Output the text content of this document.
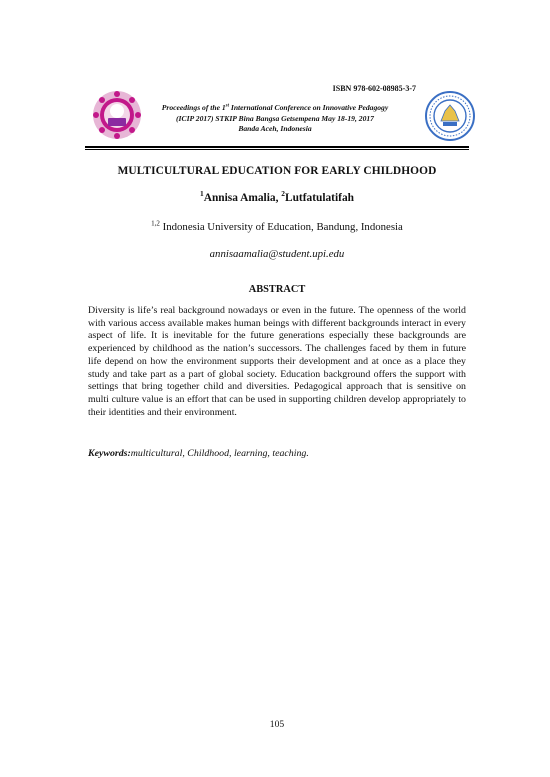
ISBN 978-602-08985-3-7
Proceedings of the 1st International Conference on Innovative Pedagogy
(ICIP 2017) STKIP Bina Bangsa Getsempena May 18-19, 2017
Banda Aceh, Indonesia
MULTICULTURAL EDUCATION FOR EARLY CHILDHOOD
$^1$Annisa Amalia, $^2$Lutfatulatifah
$^{1,2}$ Indonesia University of Education, Bandung, Indonesia
annisaamalia@student.upi.edu
ABSTRACT
Diversity is life’s real background nowadays or even in the future. The openness of the world with various access available makes human beings with different backgrounds interact in every aspect of life. It is inevitable for the future generations especially these backgrounds are experienced by childhood as the nation’s successors. The challenges faced by them in future life depend on how the environment supports their development and at once as a place they study and take part as a part of global society. Education background offers the support with settings that bring together child and diversities. Pedagogical approach that is sensitive on multi culture value is an effort that can be used in supporting children develop appropriately to their identities and their environment.
Keywords:multicultural, Childhood, learning, teaching.
105
